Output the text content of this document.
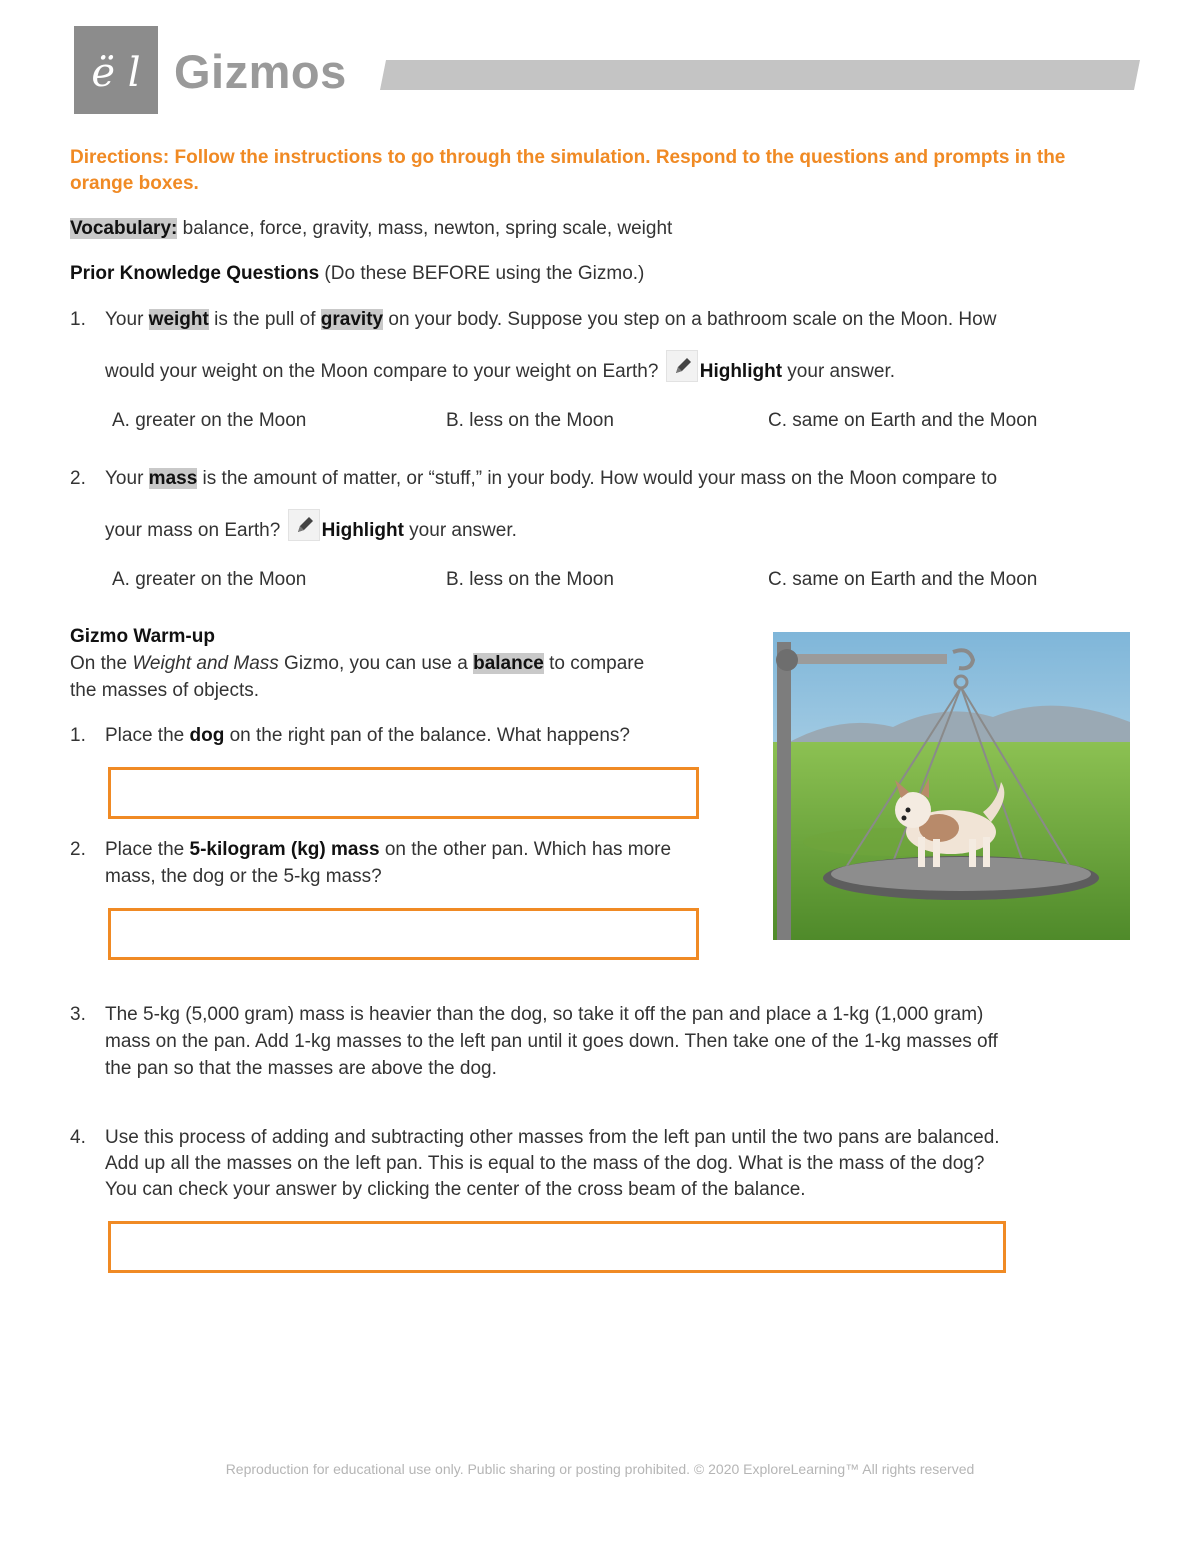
ë l Gizmos
Directions: Follow the instructions to go through the simulation. Respond to the questions and prompts in the orange boxes.
Vocabulary: balance, force, gravity, mass, newton, spring scale, weight
Prior Knowledge Questions (Do these BEFORE using the Gizmo.)
1. Your weight is the pull of gravity on your body. Suppose you step on a bathroom scale on the Moon. How
would your weight on the Moon compare to your weight on Earth? Highlight your answer.
A. greater on the Moon	B. less on the Moon	C. same on Earth and the Moon
2. Your mass is the amount of matter, or “stuff,” in your body. How would your mass on the Moon compare to
your mass on Earth? Highlight your answer.
A. greater on the Moon	B. less on the Moon	C. same on Earth and the Moon
Gizmo Warm-up
On the Weight and Mass Gizmo, you can use a balance to compare
the masses of objects.
1. Place the dog on the right pan of the balance. What happens?
2. Place the 5-kilogram (kg) mass on the other pan. Which has more
mass, the dog or the 5-kg mass?
3. The 5-kg (5,000 gram) mass is heavier than the dog, so take it off the pan and place a 1-kg (1,000 gram)
mass on the pan. Add 1-kg masses to the left pan until it goes down. Then take one of the 1-kg masses off
the pan so that the masses are above the dog.
4. Use this process of adding and subtracting other masses from the left pan until the two pans are balanced.
Add up all the masses on the left pan. This is equal to the mass of the dog. What is the mass of the dog?
You can check your answer by clicking the center of the cross beam of the balance.
Reproduction for educational use only. Public sharing or posting prohibited. © 2020 ExploreLearning™ All rights reserved
